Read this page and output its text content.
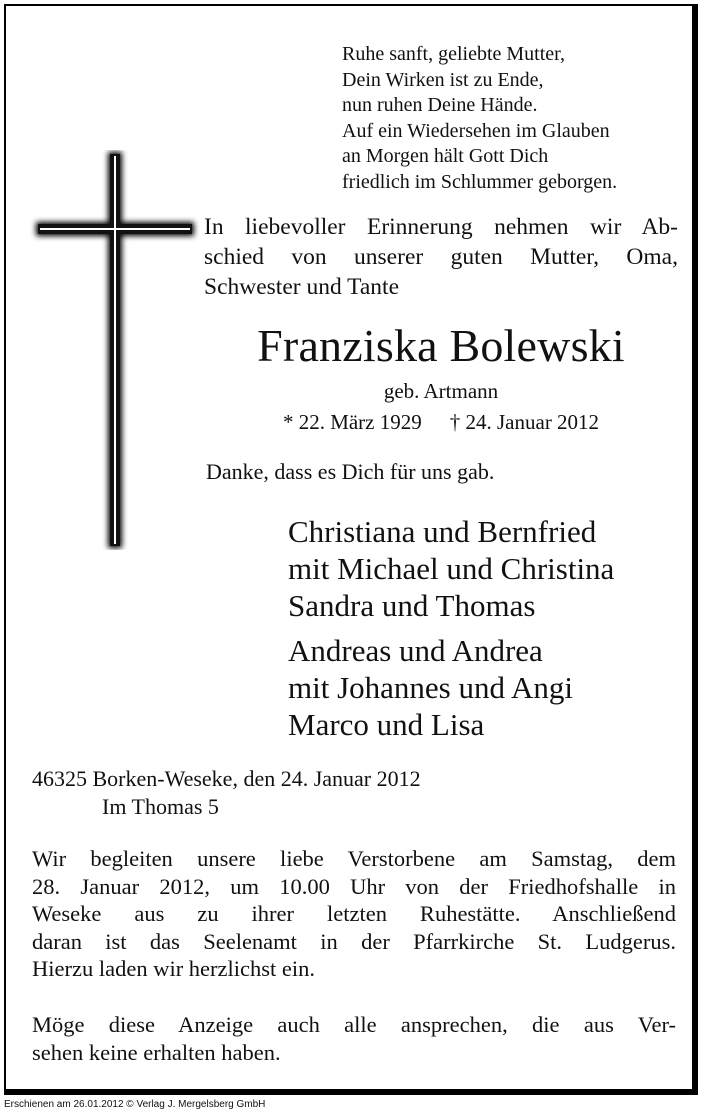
Ruhe sanft, geliebte Mutter,
Dein Wirken ist zu Ende,
nun ruhen Deine Hände.
Auf ein Wiedersehen im Glauben
an Morgen hält Gott Dich
friedlich im Schlummer geborgen.
In liebevoller Erinnerung nehmen wir Ab-
schied von unserer guten Mutter, Oma,
Schwester und Tante
Franziska Bolewski
geb. Artmann
* 22. März 1929 † 24. Januar 2012
Danke, dass es Dich für uns gab.
Christiana und Bernfried
mit Michael und Christina
Sandra und Thomas
Andreas und Andrea
mit Johannes und Angi
Marco und Lisa
46325 Borken-Weseke, den 24. Januar 2012
Im Thomas 5
Wir begleiten unsere liebe Verstorbene am Samstag, dem
28. Januar 2012, um 10.00 Uhr von der Friedhofshalle in
Weseke aus zu ihrer letzten Ruhestätte. Anschließend
daran ist das Seelenamt in der Pfarrkirche St. Ludgerus.
Hierzu laden wir herzlichst ein.
Möge diese Anzeige auch alle ansprechen, die aus Ver-
sehen keine erhalten haben.
Erschienen am 26.01.2012 © Verlag J. Mergelsberg GmbH
